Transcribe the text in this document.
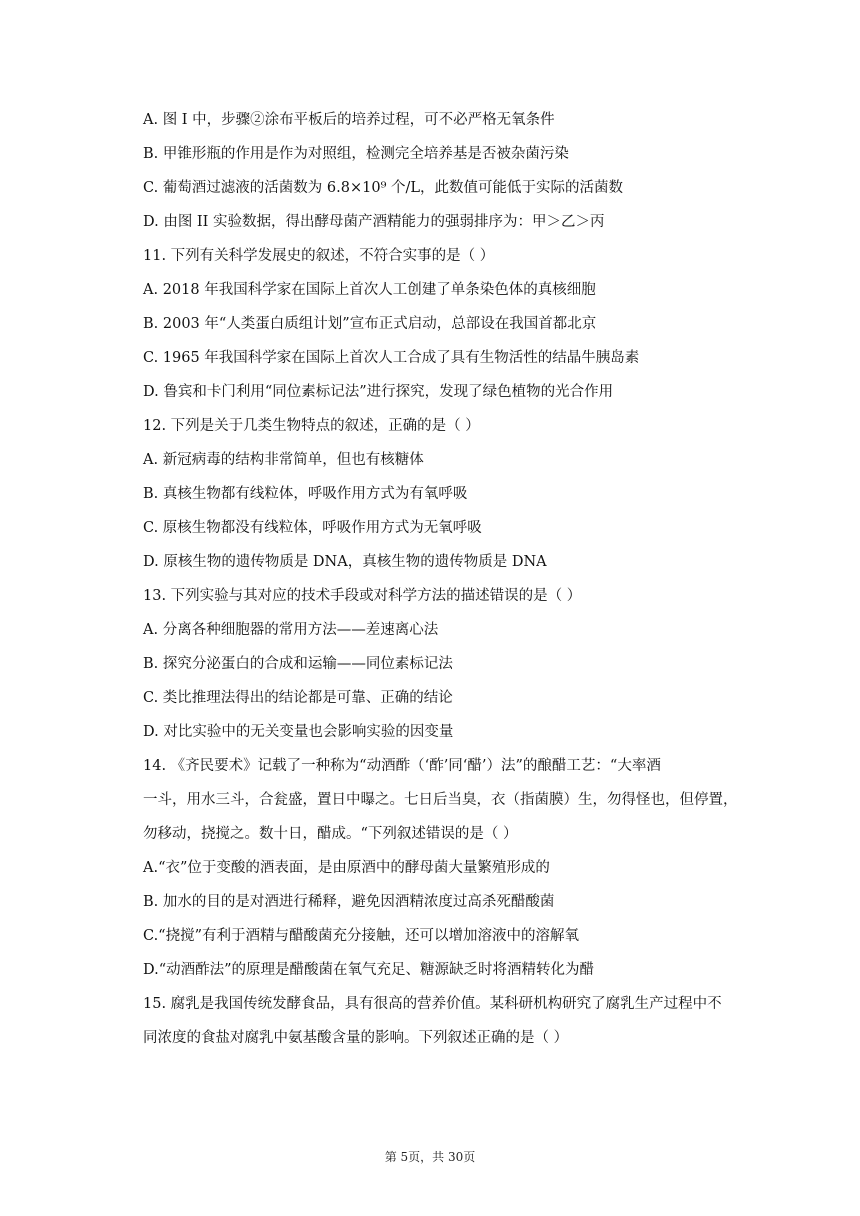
A. 图 I 中，步骤②涂布平板后的培养过程，可不必严格无氧条件
B. 甲锥形瓶的作用是作为对照组，检测完全培养基是否被杂菌污染
C. 葡萄酒过滤液的活菌数为 6.8×10⁹ 个/L，此数值可能低于实际的活菌数
D. 由图 II 实验数据，得出酵母菌产酒精能力的强弱排序为：甲＞乙＞丙
11. 下列有关科学发展史的叙述，不符合实事的是（ ）
A. 2018 年我国科学家在国际上首次人工创建了单条染色体的真核细胞
B. 2003 年“人类蛋白质组计划”宣布正式启动，总部设在我国首都北京
C. 1965 年我国科学家在国际上首次人工合成了具有生物活性的结晶牛胰岛素
D. 鲁宾和卡门利用“同位素标记法”进行探究，发现了绿色植物的光合作用
12. 下列是关于几类生物特点的叙述，正确的是（ ）
A. 新冠病毒的结构非常简单，但也有核糖体
B. 真核生物都有线粒体，呼吸作用方式为有氧呼吸
C. 原核生物都没有线粒体，呼吸作用方式为无氧呼吸
D. 原核生物的遗传物质是 DNA，真核生物的遗传物质是 DNA
13. 下列实验与其对应的技术手段或对科学方法的描述错误的是（ ）
A. 分离各种细胞器的常用方法——差速离心法
B. 探究分泌蛋白的合成和运输——同位素标记法
C. 类比推理法得出的结论都是可靠、正确的结论
D. 对比实验中的无关变量也会影响实验的因变量
14. 《齐民要术》记载了一种称为“动酒酢（‘酢’同‘醋’）法”的酿醋工艺：“大率酒
一斗，用水三斗，合瓮盛，置日中曝之。七日后当臭，衣（指菌膜）生，勿得怪也，但停置，
勿移动，挠搅之。数十日，醋成。“下列叙述错误的是（ ）
A.“衣”位于变酸的酒表面，是由原酒中的酵母菌大量繁殖形成的
B. 加水的目的是对酒进行稀释，避免因酒精浓度过高杀死醋酸菌
C.“挠搅”有利于酒精与醋酸菌充分接触，还可以增加溶液中的溶解氧
D.“动酒酢法”的原理是醋酸菌在氧气充足、糖源缺乏时将酒精转化为醋
15. 腐乳是我国传统发酵食品，具有很高的营养价值。某科研机构研究了腐乳生产过程中不
同浓度的食盐对腐乳中氨基酸含量的影响。下列叙述正确的是（ ）
第 5页，共 30页
